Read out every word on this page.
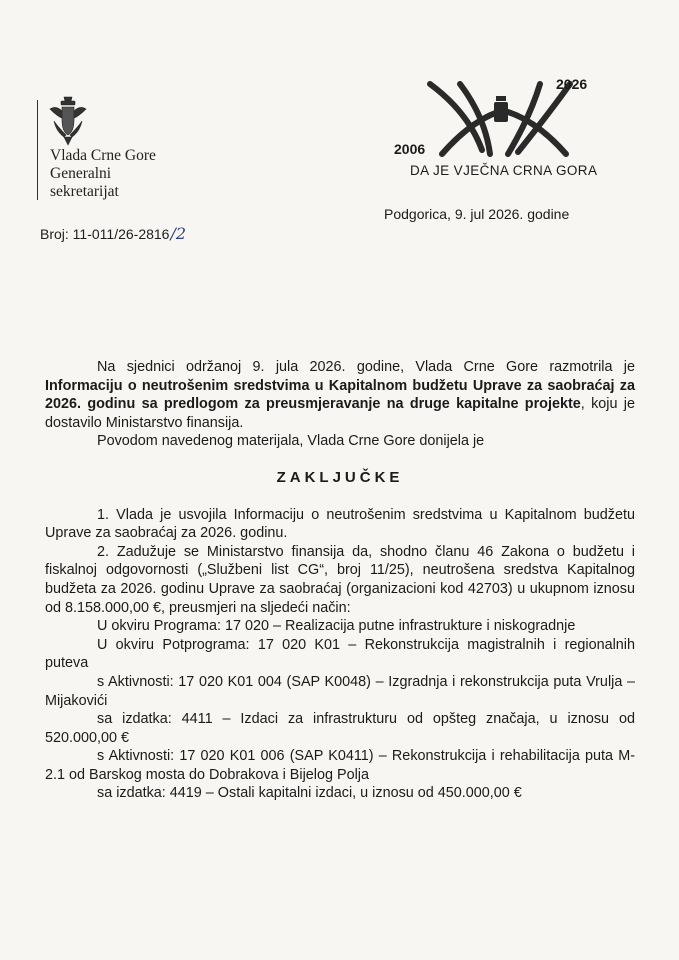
Vlada Crne Gore
Generalni
sekretarijat
Broj: 11-011/26-2816/2
2026
2006
DA JE VJEČNA CRNA GORA
Podgorica, 9. jul 2026. godine

Na sjednici održanoj 9. jula 2026. godine, Vlada Crne Gore razmotrila je Informaciju o neutrošenim sredstvima u Kapitalnom budžetu Uprave za saobraćaj za 2026. godinu sa predlogom za preusmjeravanje na druge kapitalne projekte, koju je dostavilo Ministarstvo finansija.

Povodom navedenog materijala, Vlada Crne Gore donijela je

ZAKLJUČKE

1. Vlada je usvojila Informaciju o neutrošenim sredstvima u Kapitalnom budžetu Uprave za saobraćaj za 2026. godinu.

2. Zadužuje se Ministarstvo finansija da, shodno članu 46 Zakona o budžetu i fiskalnoj odgovornosti („Službeni list CG“, broj 11/25), neutrošena sredstva Kapitalnog budžeta za 2026. godinu Uprave za saobraćaj (organizacioni kod 42703) u ukupnom iznosu od 8.158.000,00 €, preusmjeri na sljedeći način:

U okviru Programa: 17 020 – Realizacija putne infrastrukture i niskogradnje

U okviru Potprograma: 17 020 K01 – Rekonstrukcija magistralnih i regionalnih puteva

s Aktivnosti: 17 020 K01 004 (SAP K0048) – Izgradnja i rekonstrukcija puta Vrulja – Mijakovići

sa izdatka: 4411 – Izdaci za infrastrukturu od opšteg značaja, u iznosu od 520.000,00 €

s Aktivnosti: 17 020 K01 006 (SAP K0411) – Rekonstrukcija i rehabilitacija puta M-2.1 od Barskog mosta do Dobrakova i Bijelog Polja

sa izdatka: 4419 – Ostali kapitalni izdaci, u iznosu od 450.000,00 €
